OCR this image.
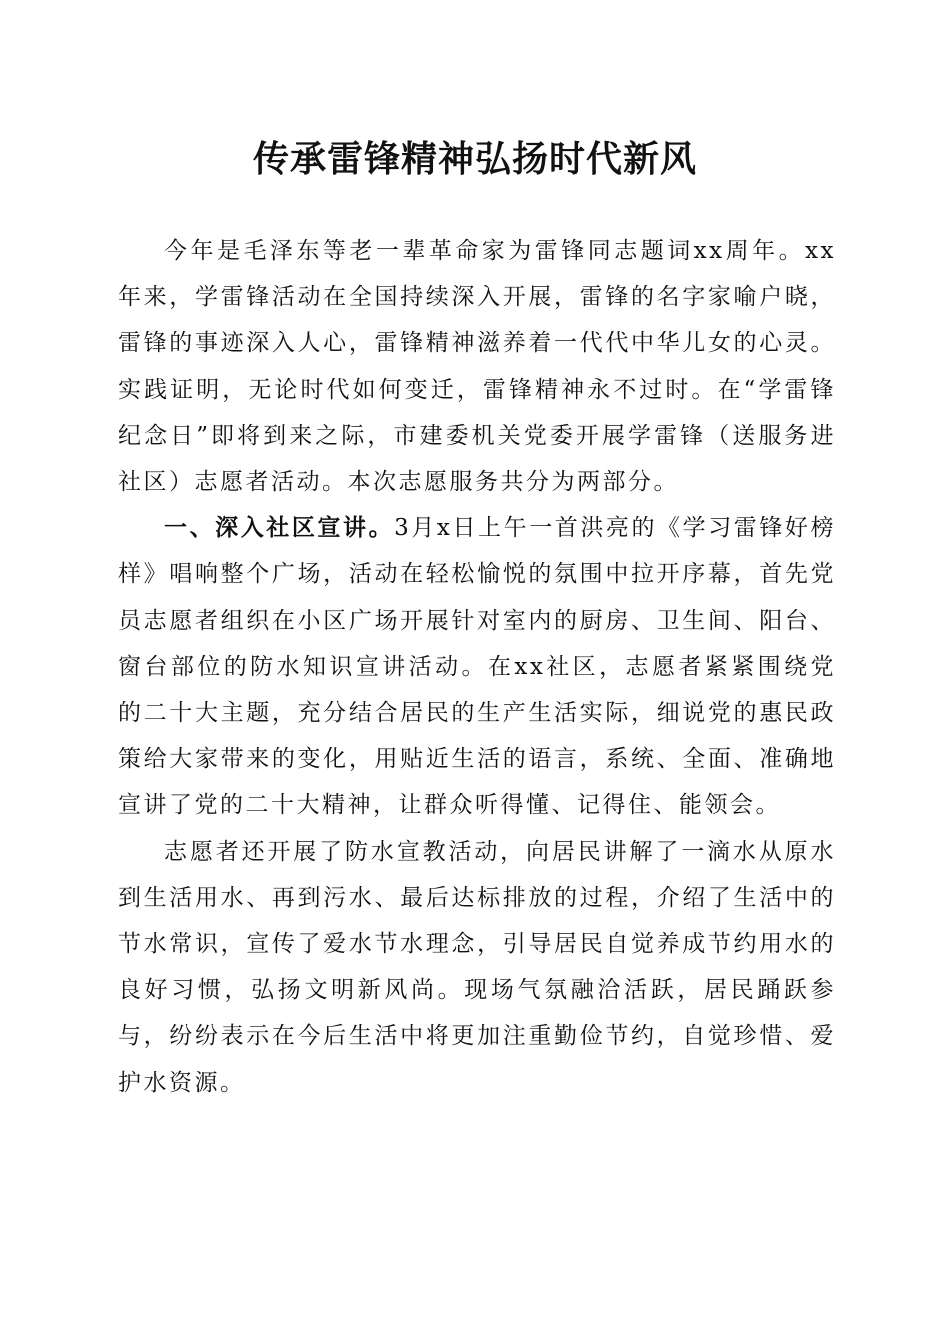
传承雷锋精神弘扬时代新风

今年是毛泽东等老一辈革命家为雷锋同志题词xx周年。xx年来，学雷锋活动在全国持续深入开展，雷锋的名字家喻户晓，雷锋的事迹深入人心，雷锋精神滋养着一代代中华儿女的心灵。实践证明，无论时代如何变迁，雷锋精神永不过时。在“学雷锋纪念日”即将到来之际，市建委机关党委开展学雷锋（送服务进社区）志愿者活动。本次志愿服务共分为两部分。

一、深入社区宣讲。3月x日上午一首洪亮的《学习雷锋好榜样》唱响整个广场，活动在轻松愉悦的氛围中拉开序幕，首先党员志愿者组织在小区广场开展针对室内的厨房、卫生间、阳台、窗台部位的防水知识宣讲活动。在xx社区，志愿者紧紧围绕党的二十大主题，充分结合居民的生产生活实际，细说党的惠民政策给大家带来的变化，用贴近生活的语言，系统、全面、准确地宣讲了党的二十大精神，让群众听得懂、记得住、能领会。

志愿者还开展了防水宣教活动，向居民讲解了一滴水从原水到生活用水、再到污水、最后达标排放的过程，介绍了生活中的节水常识，宣传了爱水节水理念，引导居民自觉养成节约用水的良好习惯，弘扬文明新风尚。现场气氛融洽活跃，居民踊跃参与，纷纷表示在今后生活中将更加注重勤俭节约，自觉珍惜、爱护水资源。
